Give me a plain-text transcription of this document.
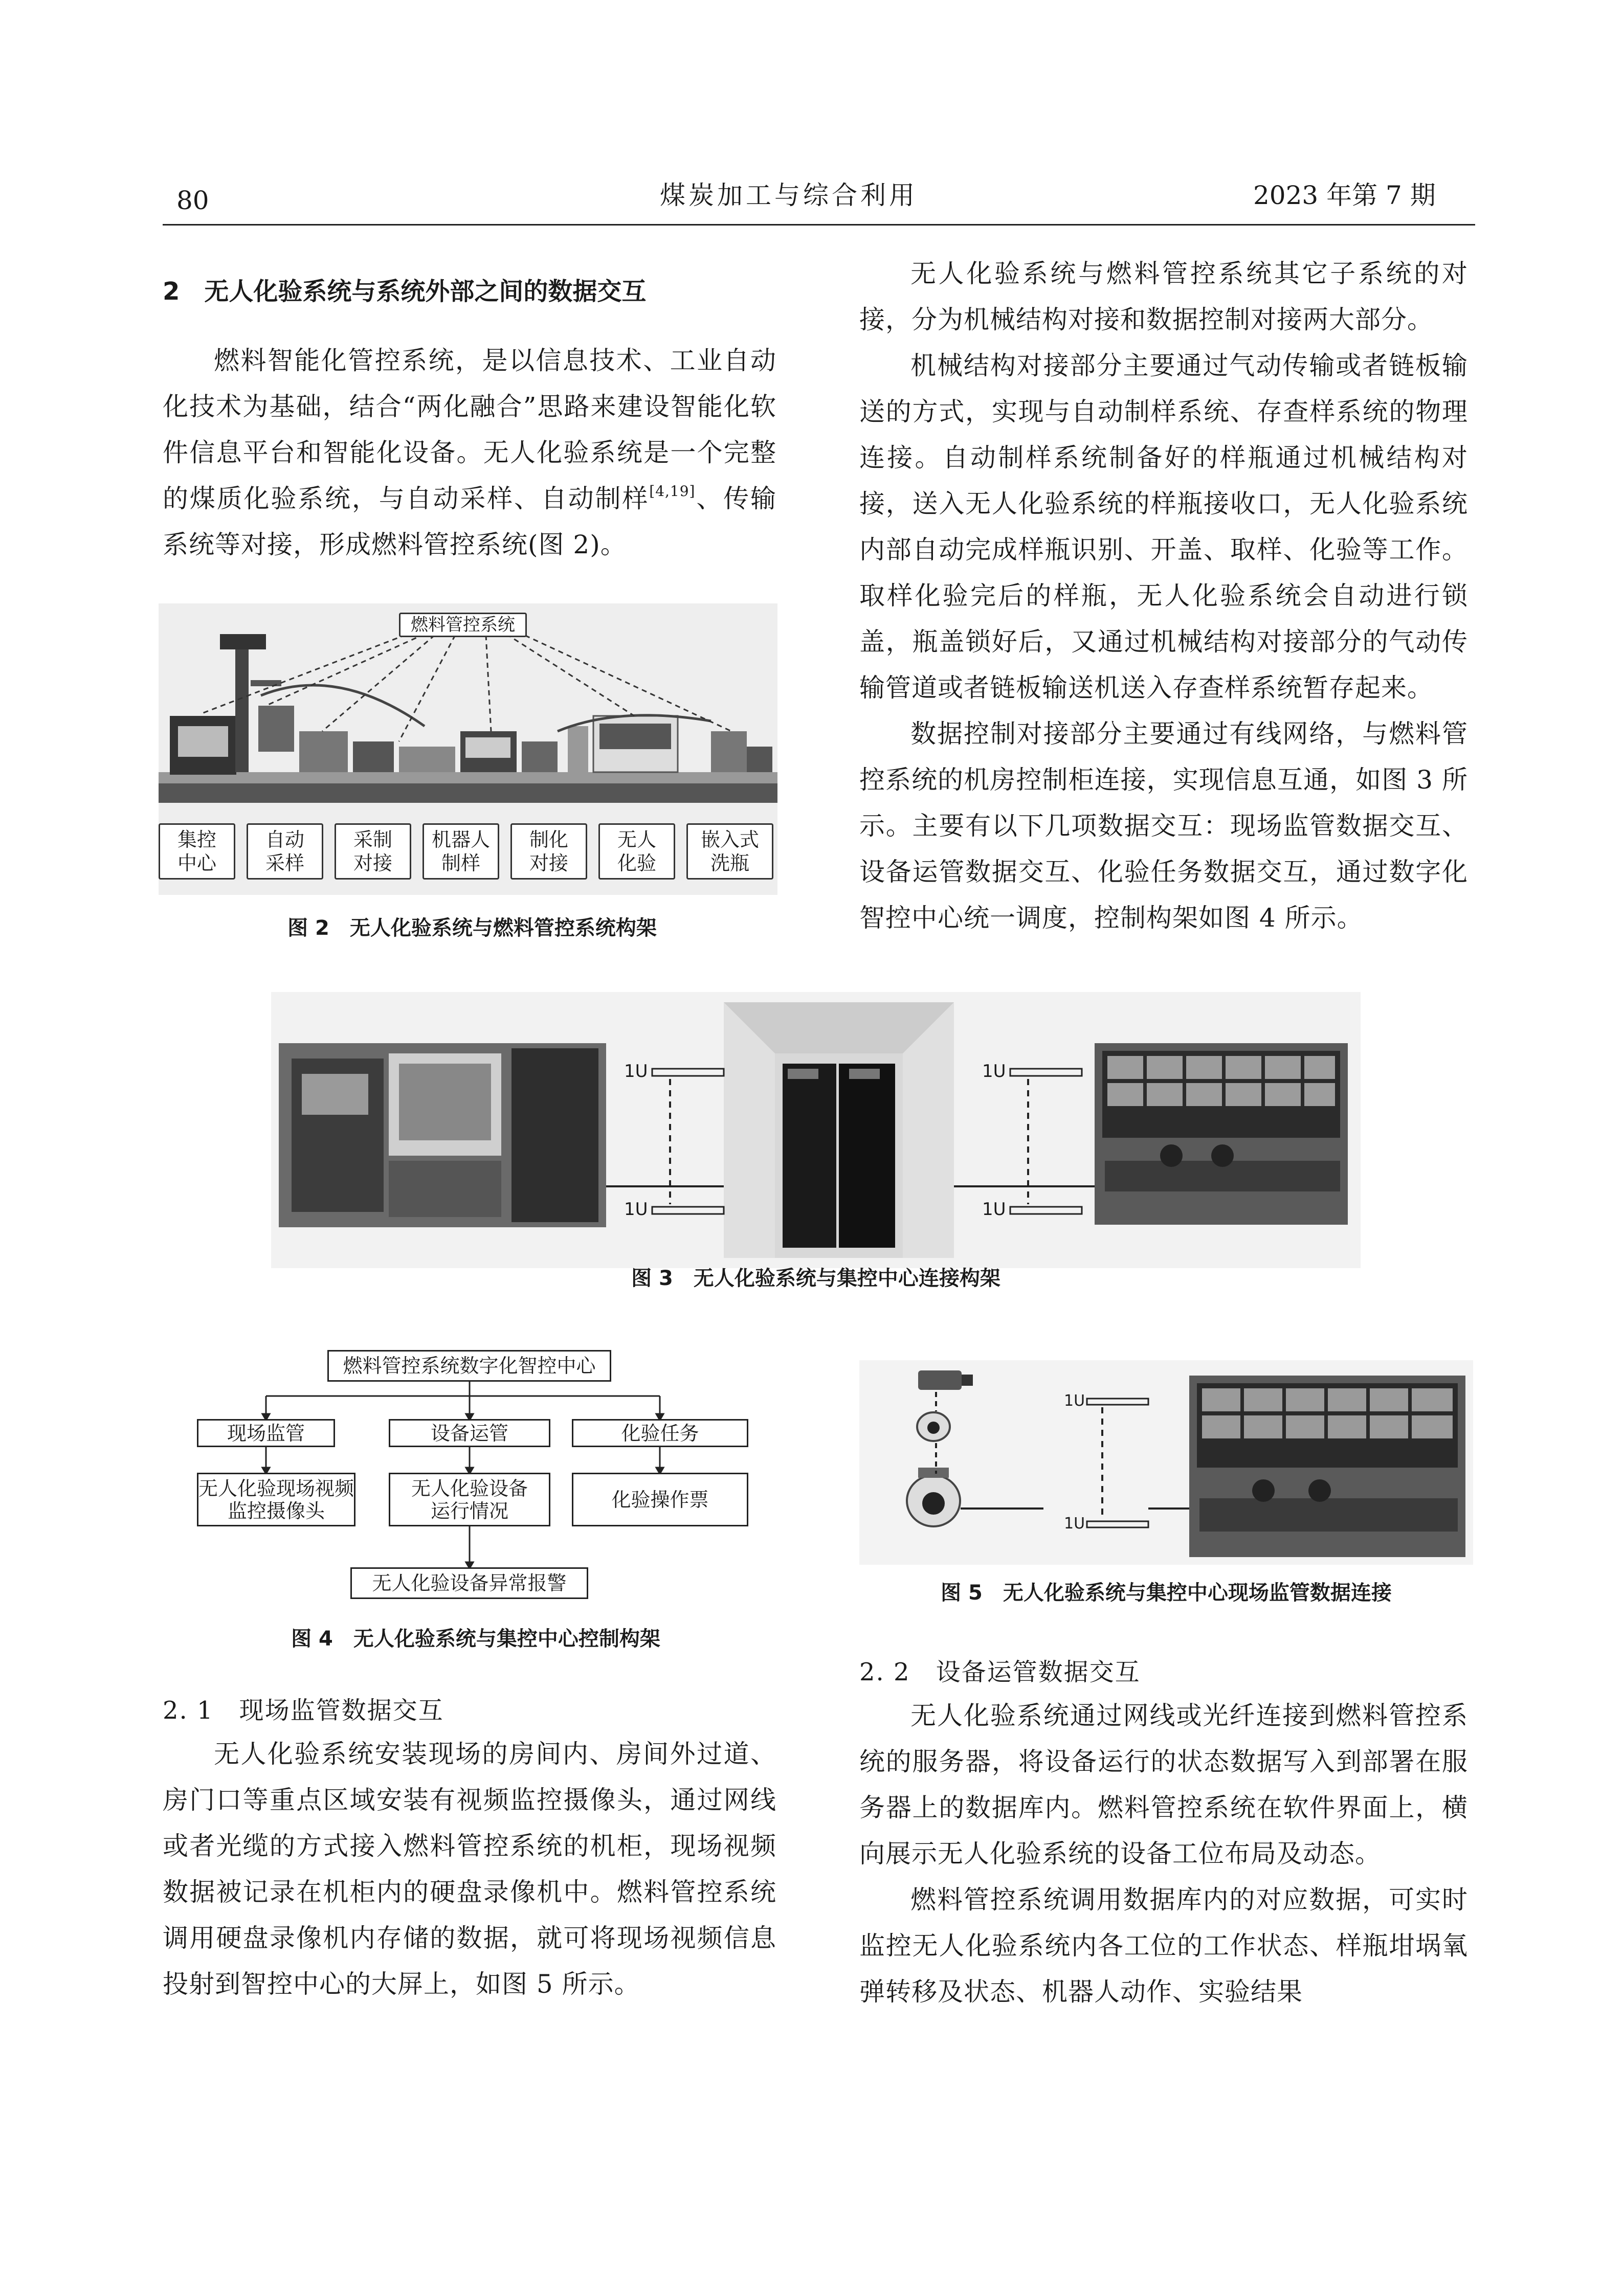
80	煤炭加工与综合利用	2023 年第 7 期
2　无人化验系统与系统外部之间的数据交互

燃料智能化管控系统，是以信息技术、工业自动化技术为基础，结合“两化融合”思路来建设智能化软件信息平台和智能化设备。无人化验系统是一个完整的煤质化验系统，与自动采样、自动制样[4,19]、传输系统等对接，形成燃料管控系统(图 2)。

无人化验系统与燃料管控系统其它子系统的对接，分为机械结构对接和数据控制对接两大部分。

机械结构对接部分主要通过气动传输或者链板输送的方式，实现与自动制样系统、存查样系统的物理连接。自动制样系统制备好的样瓶通过机械结构对接，送入无人化验系统的样瓶接收口，无人化验系统内部自动完成样瓶识别、开盖、取样、化验等工作。取样化验完后的样瓶，无人化验系统会自动进行锁盖，瓶盖锁好后，又通过机械结构对接部分的气动传输管道或者链板输送机送入存查样系统暂存起来。

数据控制对接部分主要通过有线网络，与燃料管控系统的机房控制柜连接，实现信息互通，如图 3 所示。主要有以下几项数据交互：现场监管数据交互、设备运管数据交互、化验任务数据交互，通过数字化智控中心统一调度，控制构架如图 4 所示。

燃料管控系统
集控
中心
自动
采样
采制
对接
机器人
制样
制化
对接
无人
化验
嵌入式
洗瓶
图 2　无人化验系统与燃料管控系统构架
1U
1U
1U
1U
图 3　无人化验系统与集控中心连接构架
燃料管控系统数字化智控中心
现场监管	设备运管	化验任务
无人化验现场视频
监控摄像头
无人化验设备
运行情况	化验操作票
无人化验设备异常报警
图 4　无人化验系统与集控中心控制构架
1U
1U
图 5　无人化验系统与集控中心现场监管数据连接
2. 1　现场监管数据交互

无人化验系统安装现场的房间内、房间外过道、房门口等重点区域安装有视频监控摄像头，通过网线或者光缆的方式接入燃料管控系统的机柜，现场视频数据被记录在机柜内的硬盘录像机中。燃料管控系统调用硬盘录像机内存储的数据，就可将现场视频信息投射到智控中心的大屏上，如图 5 所示。

2. 2　设备运管数据交互

无人化验系统通过网线或光纤连接到燃料管控系统的服务器，将设备运行的状态数据写入到部署在服务器上的数据库内。燃料管控系统在软件界面上，横向展示无人化验系统的设备工位布局及动态。

燃料管控系统调用数据库内的对应数据，可实时监控无人化验系统内各工位的工作状态、样瓶坩埚氧弹转移及状态、机器人动作、实验结果
